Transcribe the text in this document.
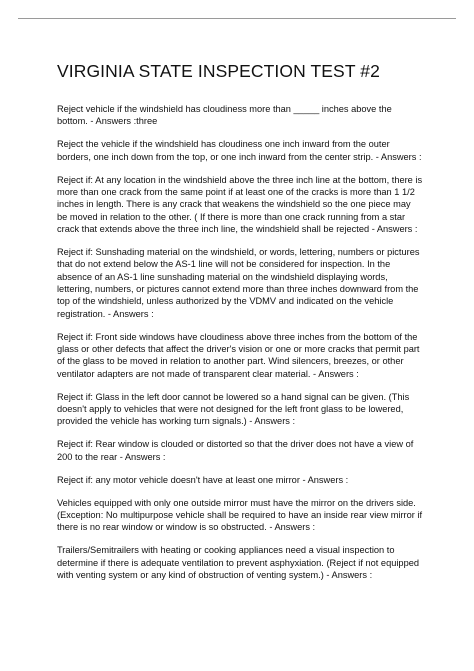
VIRGINIA STATE INSPECTION TEST #2

Reject vehicle if the windshield has cloudiness more than _____ inches above the bottom. - Answers :three

Reject the vehicle if the windshield has cloudiness one inch inward from the outer borders, one inch down from the top, or one inch inward from the center strip. - Answers :

Reject if: At any location in the windshield above the three inch line at the bottom, there is more than one crack from the same point if at least one of the cracks is more than 1 1/2 inches in length. There is any crack that weakens the windshield so the one piece may be moved in relation to the other. ( If there is more than one crack running from a star crack that extends above the three inch line, the windshield shall be rejected - Answers :

Reject if: Sunshading material on the windshield, or words, lettering, numbers or pictures that do not extend below the AS-1 line will not be considered for inspection. In the absence of an AS-1 line sunshading material on the windshield displaying words, lettering, numbers, or pictures cannot extend more than three inches downward from the top of the windshield, unless authorized by the VDMV and indicated on the vehicle registration. - Answers :

Reject if: Front side windows have cloudiness above three inches from the bottom of the glass or other defects that affect the driver's vision or one or more cracks that permit part of the glass to be moved in relation to another part. Wind silencers, breezes, or other ventilator adapters are not made of transparent clear material. - Answers :

Reject if: Glass in the left door cannot be lowered so a hand signal can be given. (This doesn't apply to vehicles that were not designed for the left front glass to be lowered, provided the vehicle has working turn signals.) - Answers :

Reject if: Rear window is clouded or distorted so that the driver does not have a view of 200 to the rear - Answers :

Reject if: any motor vehicle doesn't have at least one mirror - Answers :

Vehicles equipped with only one outside mirror must have the mirror on the drivers side. (Exception: No multipurpose vehicle shall be required to have an inside rear view mirror if there is no rear window or window is so obstructed. - Answers :

Trailers/Semitrailers with heating or cooking appliances need a visual inspection to determine if there is adequate ventilation to prevent asphyxiation. (Reject if not equipped with venting system or any kind of obstruction of venting system.) - Answers :
